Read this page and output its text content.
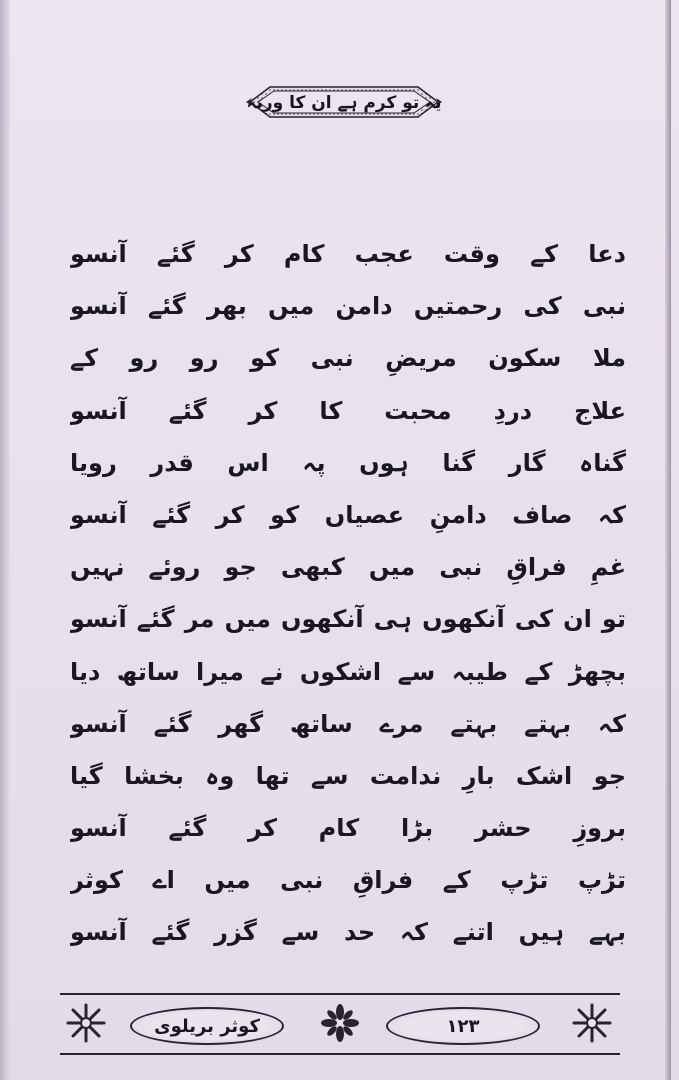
یہ تو کرم ہے ان کا ورنہ
دعا کے وقت عجب کام کر گئے آنسو
نبی کی رحمتیں دامن میں بھر گئے آنسو
ملا سکون مریضِ نبی کو رو رو کے
علاج دردِ محبت کا کر گئے آنسو
گناہ گار گنا ہوں پہ اس قدر رویا
کہ صاف دامنِ عصیاں کو کر گئے آنسو
غمِ فراقِ نبی میں کبھی جو روئے نہیں
تو ان کی آنکھوں ہی آنکھوں میں مر گئے آنسو
بچھڑ کے طیبہ سے اشکوں نے میرا ساتھ دیا
کہ بہتے بہتے مرے ساتھ گھر گئے آنسو
جو اشک بارِ ندامت سے تھا وہ بخشا گیا
بروزِ حشر بڑا کام کر گئے آنسو
تڑپ تڑپ کے فراقِ نبی میں اے کوثر
بہے ہیں اتنے کہ حد سے گزر گئے آنسو
کوثر بریلوی	۱۲۳
